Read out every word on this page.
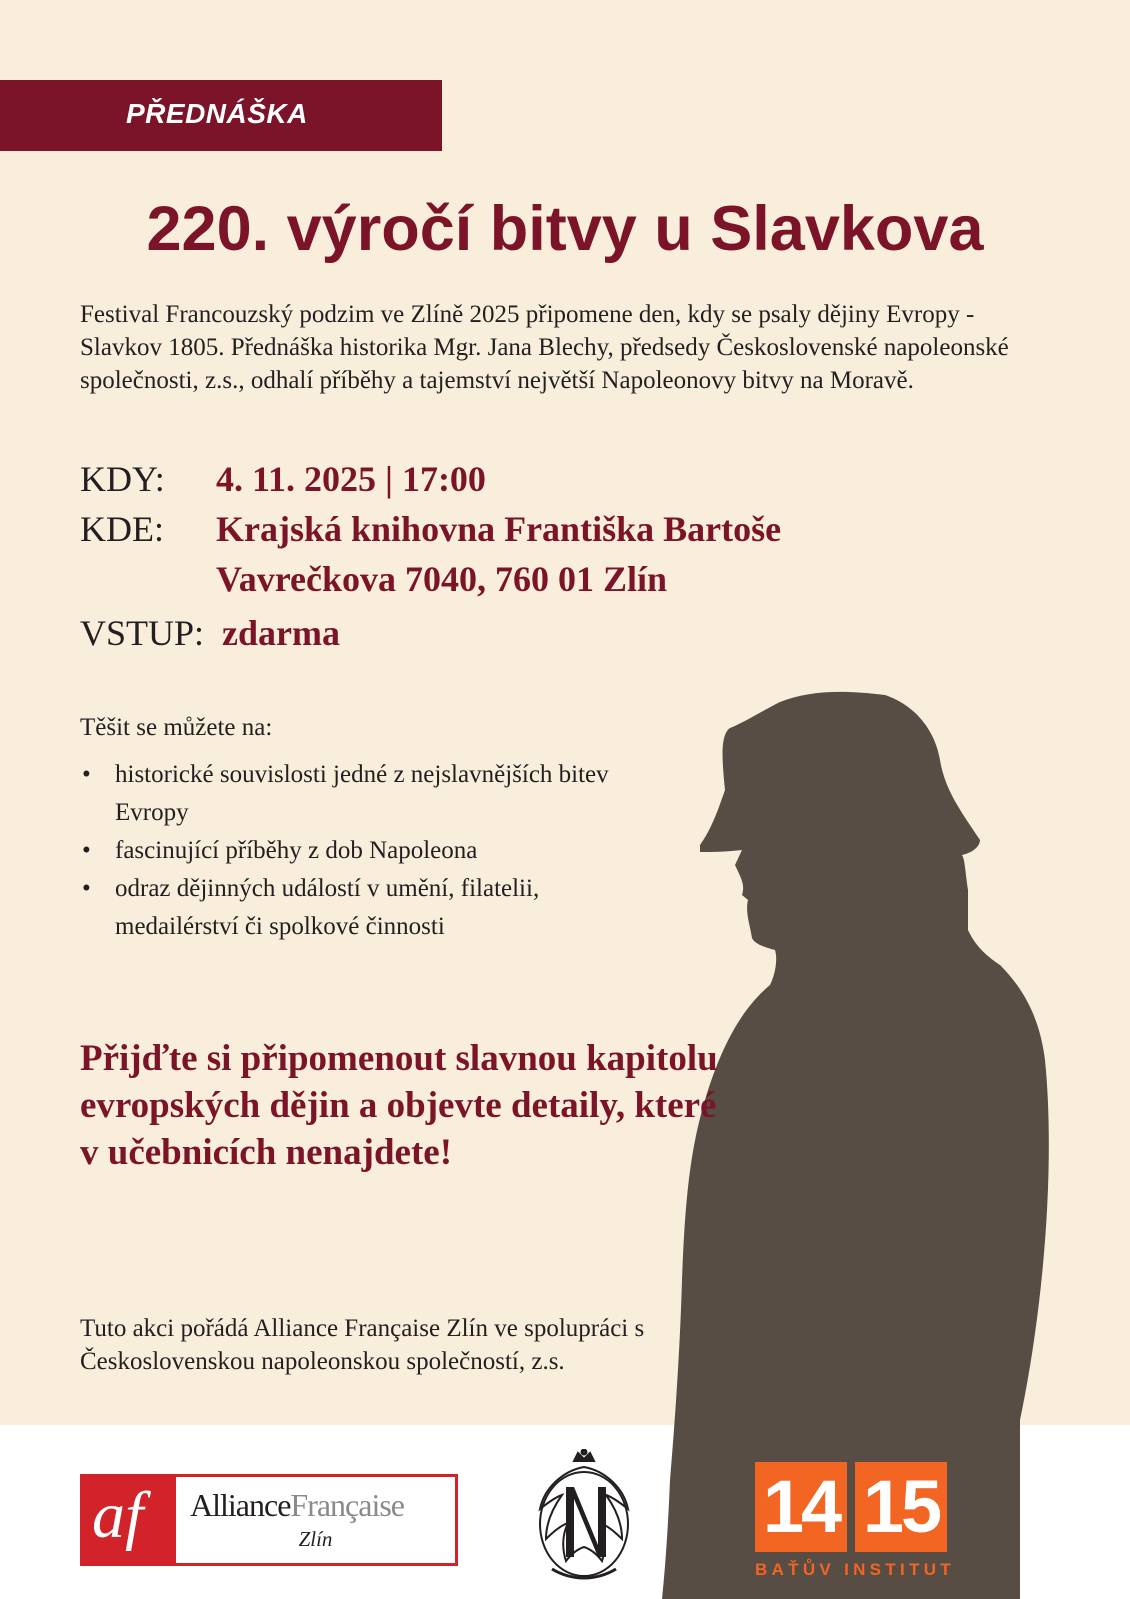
PŘEDNÁŠKA
220. výročí bitvy u Slavkova

Festival Francouzský podzim ve Zlíně 2025 připomene den, kdy se psaly dějiny Evropy - Slavkov 1805. Přednáška historika Mgr. Jana Blechy, předsedy Československé napoleonské společnosti, z.s., odhalí příběhy a tajemství největší Napoleonovy bitvy na Moravě.

KDY: 4. 11. 2025 | 17:00
KDE: Krajská knihovna Františka Bartoše
Vavrečkova 7040, 760 01 Zlín
VSTUP: zdarma
Těšit se můžete na:
• historické souvislosti jedné z nejslavnějších bitev Evropy
• fascinující příběhy z dob Napoleona
• odraz dějinných událostí v umění, filatelii, medailérství či spolkové činnosti

Přijďte si připomenout slavnou kapitolu evropských dějin a objevte detaily, které v učebnicích nenajdete!

Tuto akci pořádá Alliance Française Zlín ve spolupráci s Československou napoleonskou společností, z.s.

af AllianceFrançaise
Zlín	14 15
BAŤŮV INSTITUT
